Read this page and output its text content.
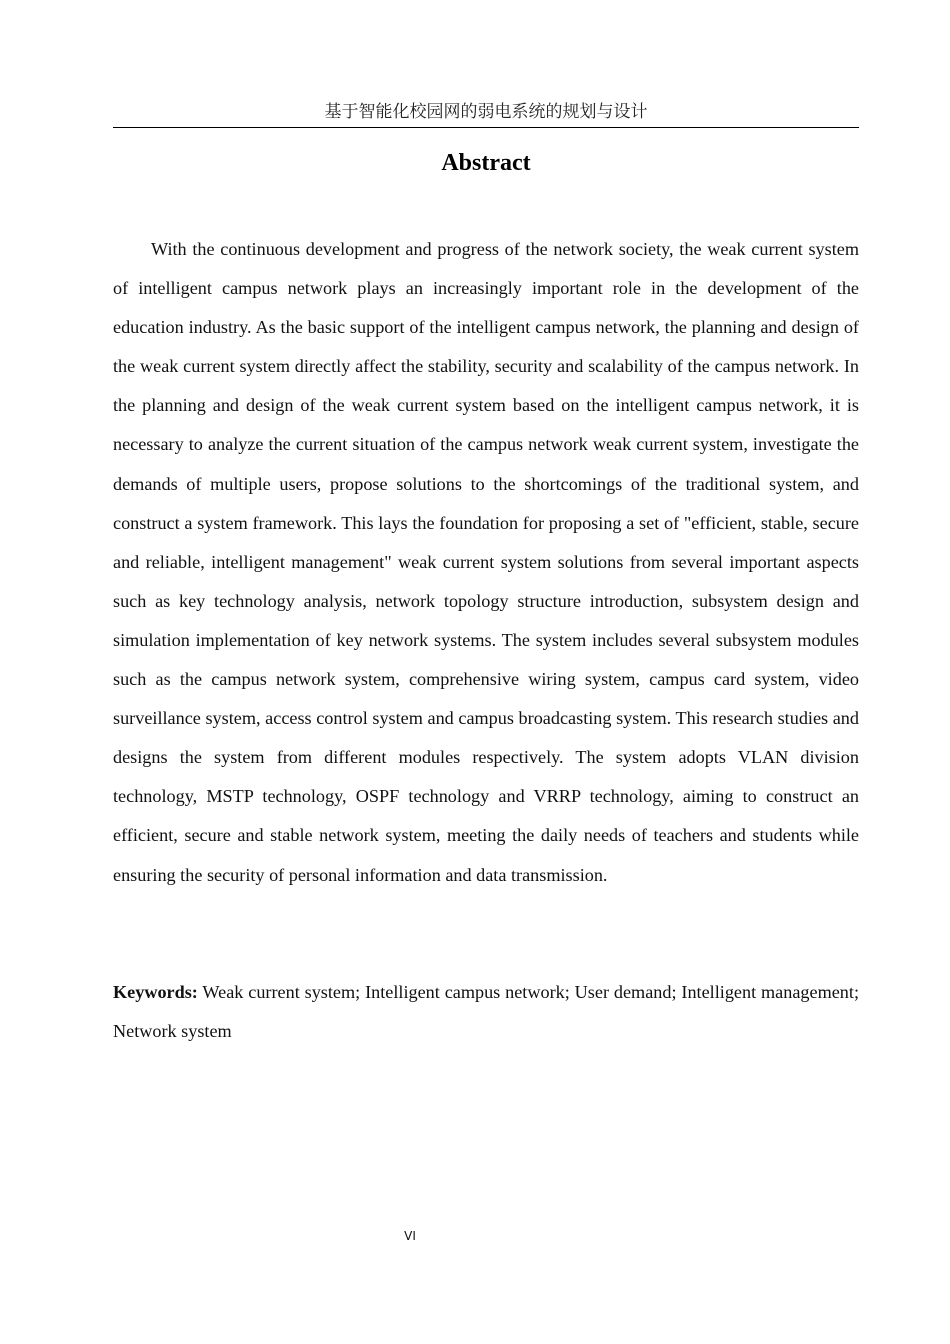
基于智能化校园网的弱电系统的规划与设计
Abstract

With the continuous development and progress of the network society, the weak current system of intelligent campus network plays an increasingly important role in the development of the education industry. As the basic support of the intelligent campus network, the planning and design of the weak current system directly affect the stability, security and scalability of the campus network. In the planning and design of the weak current system based on the intelligent campus network, it is necessary to analyze the current situation of the campus network weak current system, investigate the demands of multiple users, propose solutions to the shortcomings of the traditional system, and construct a system framework. This lays the foundation for proposing a set of "efficient, stable, secure and reliable, intelligent management" weak current system solutions from several important aspects such as key technology analysis, network topology structure introduction, subsystem design and simulation implementation of key network systems. The system includes several subsystem modules such as the campus network system, comprehensive wiring system, campus card system, video surveillance system, access control system and campus broadcasting system. This research studies and designs the system from different modules respectively. The system adopts VLAN division technology, MSTP technology, OSPF technology and VRRP technology, aiming to construct an efficient, secure and stable network system, meeting the daily needs of teachers and students while ensuring the security of personal information and data transmission.

Keywords: Weak current system; Intelligent campus network; User demand; Intelligent management; Network system

VI
